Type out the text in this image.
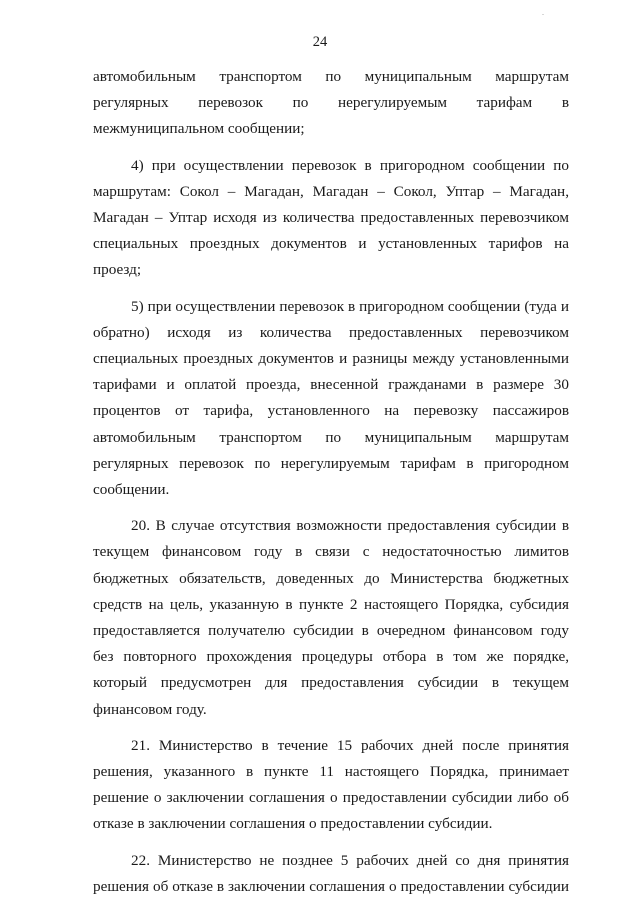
.
24
автомобильным транспортом по муниципальным маршрутам
регулярных перевозок по нерегулируемым тарифам в
межмуниципальном сообщении;
4) при осуществлении перевозок в пригородном сообщении по
маршрутам: Сокол – Магадан, Магадан – Сокол, Уптар – Магадан,
Магадан – Уптар исходя из количества предоставленных перевозчиком
специальных проездных документов и установленных тарифов на
проезд;
5) при осуществлении перевозок в пригородном сообщении (туда и
обратно) исходя из количества предоставленных перевозчиком
специальных проездных документов и разницы между установленными
тарифами и оплатой проезда, внесенной гражданами в размере 30
процентов от тарифа, установленного на перевозку пассажиров
автомобильным транспортом по муниципальным маршрутам
регулярных перевозок по нерегулируемым тарифам в пригородном
сообщении.
20. В случае отсутствия возможности предоставления субсидии в
текущем финансовом году в связи с недостаточностью лимитов
бюджетных обязательств, доведенных до Министерства бюджетных
средств на цель, указанную в пункте 2 настоящего Порядка, субсидия
предоставляется получателю субсидии в очередном финансовом году
без повторного прохождения процедуры отбора в том же порядке,
который предусмотрен для предоставления субсидии в текущем
финансовом году.
21. Министерство в течение 15 рабочих дней после принятия
решения, указанного в пункте 11 настоящего Порядка, принимает
решение о заключении соглашения о предоставлении субсидии либо об
отказе в заключении соглашения о предоставлении субсидии.
22. Министерство не позднее 5 рабочих дней со дня принятия
решения об отказе в заключении соглашения о предоставлении субсидии
